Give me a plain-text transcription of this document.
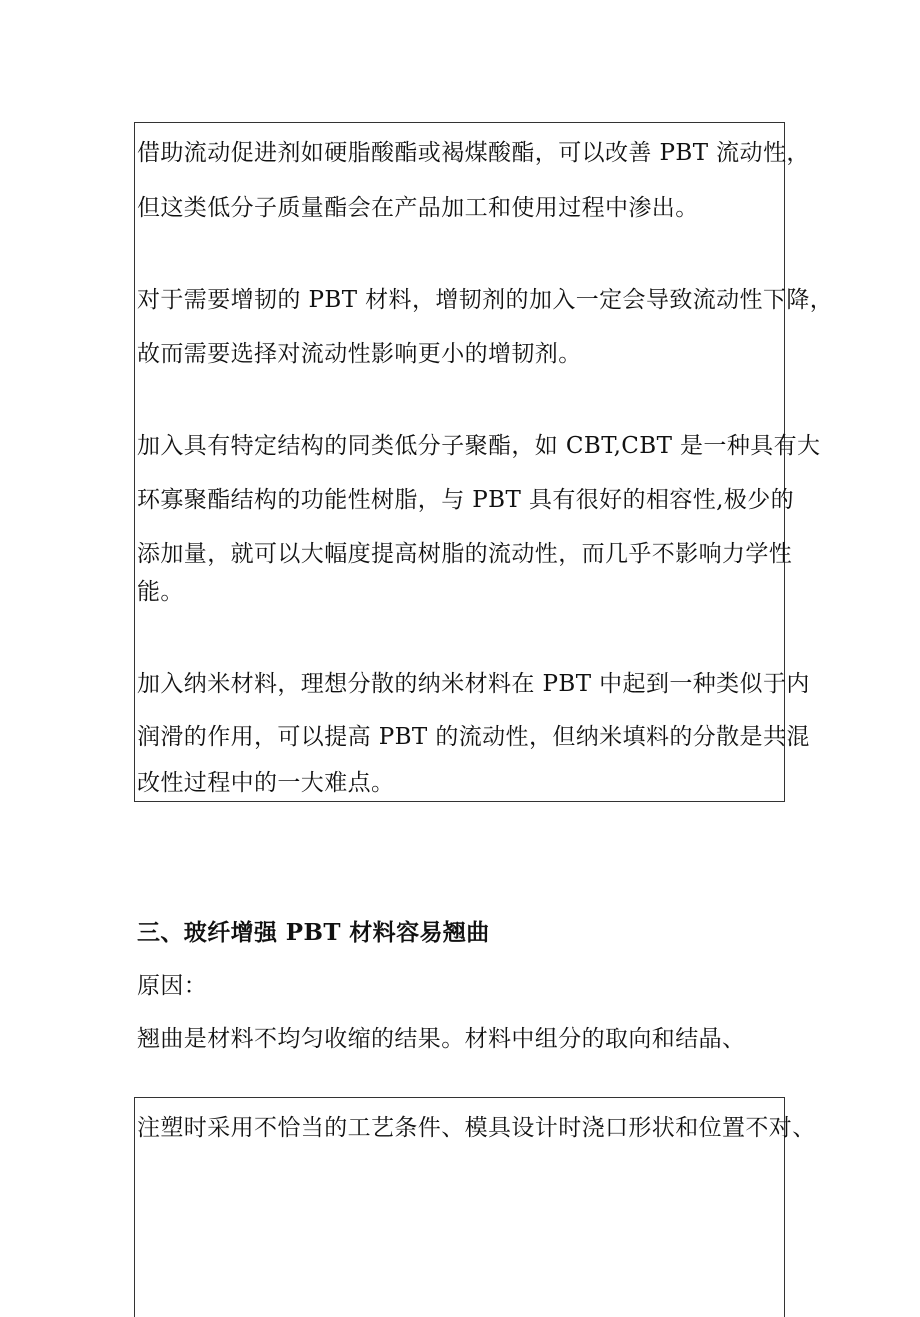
借助流动促进剂如硬脂酸酯或褐煤酸酯，可以改善 PBT 流动性，
但这类低分子质量酯会在产品加工和使用过程中渗出。
对于需要增韧的 PBT 材料，增韧剂的加入一定会导致流动性下降，
故而需要选择对流动性影响更小的增韧剂。
加入具有特定结构的同类低分子聚酯，如 CBT,CBT 是一种具有大
环寡聚酯结构的功能性树脂，与 PBT 具有很好的相容性,极少的
添加量，就可以大幅度提高树脂的流动性，而几乎不影响力学性
能。
加入纳米材料，理想分散的纳米材料在 PBT 中起到一种类似于内
润滑的作用，可以提高 PBT 的流动性，但纳米填料的分散是共混
改性过程中的一大难点。
三、玻纤增强 PBT 材料容易翘曲
原因：
翘曲是材料不均匀收缩的结果。材料中组分的取向和结晶、
注塑时采用不恰当的工艺条件、模具设计时浇口形状和位置不对、
